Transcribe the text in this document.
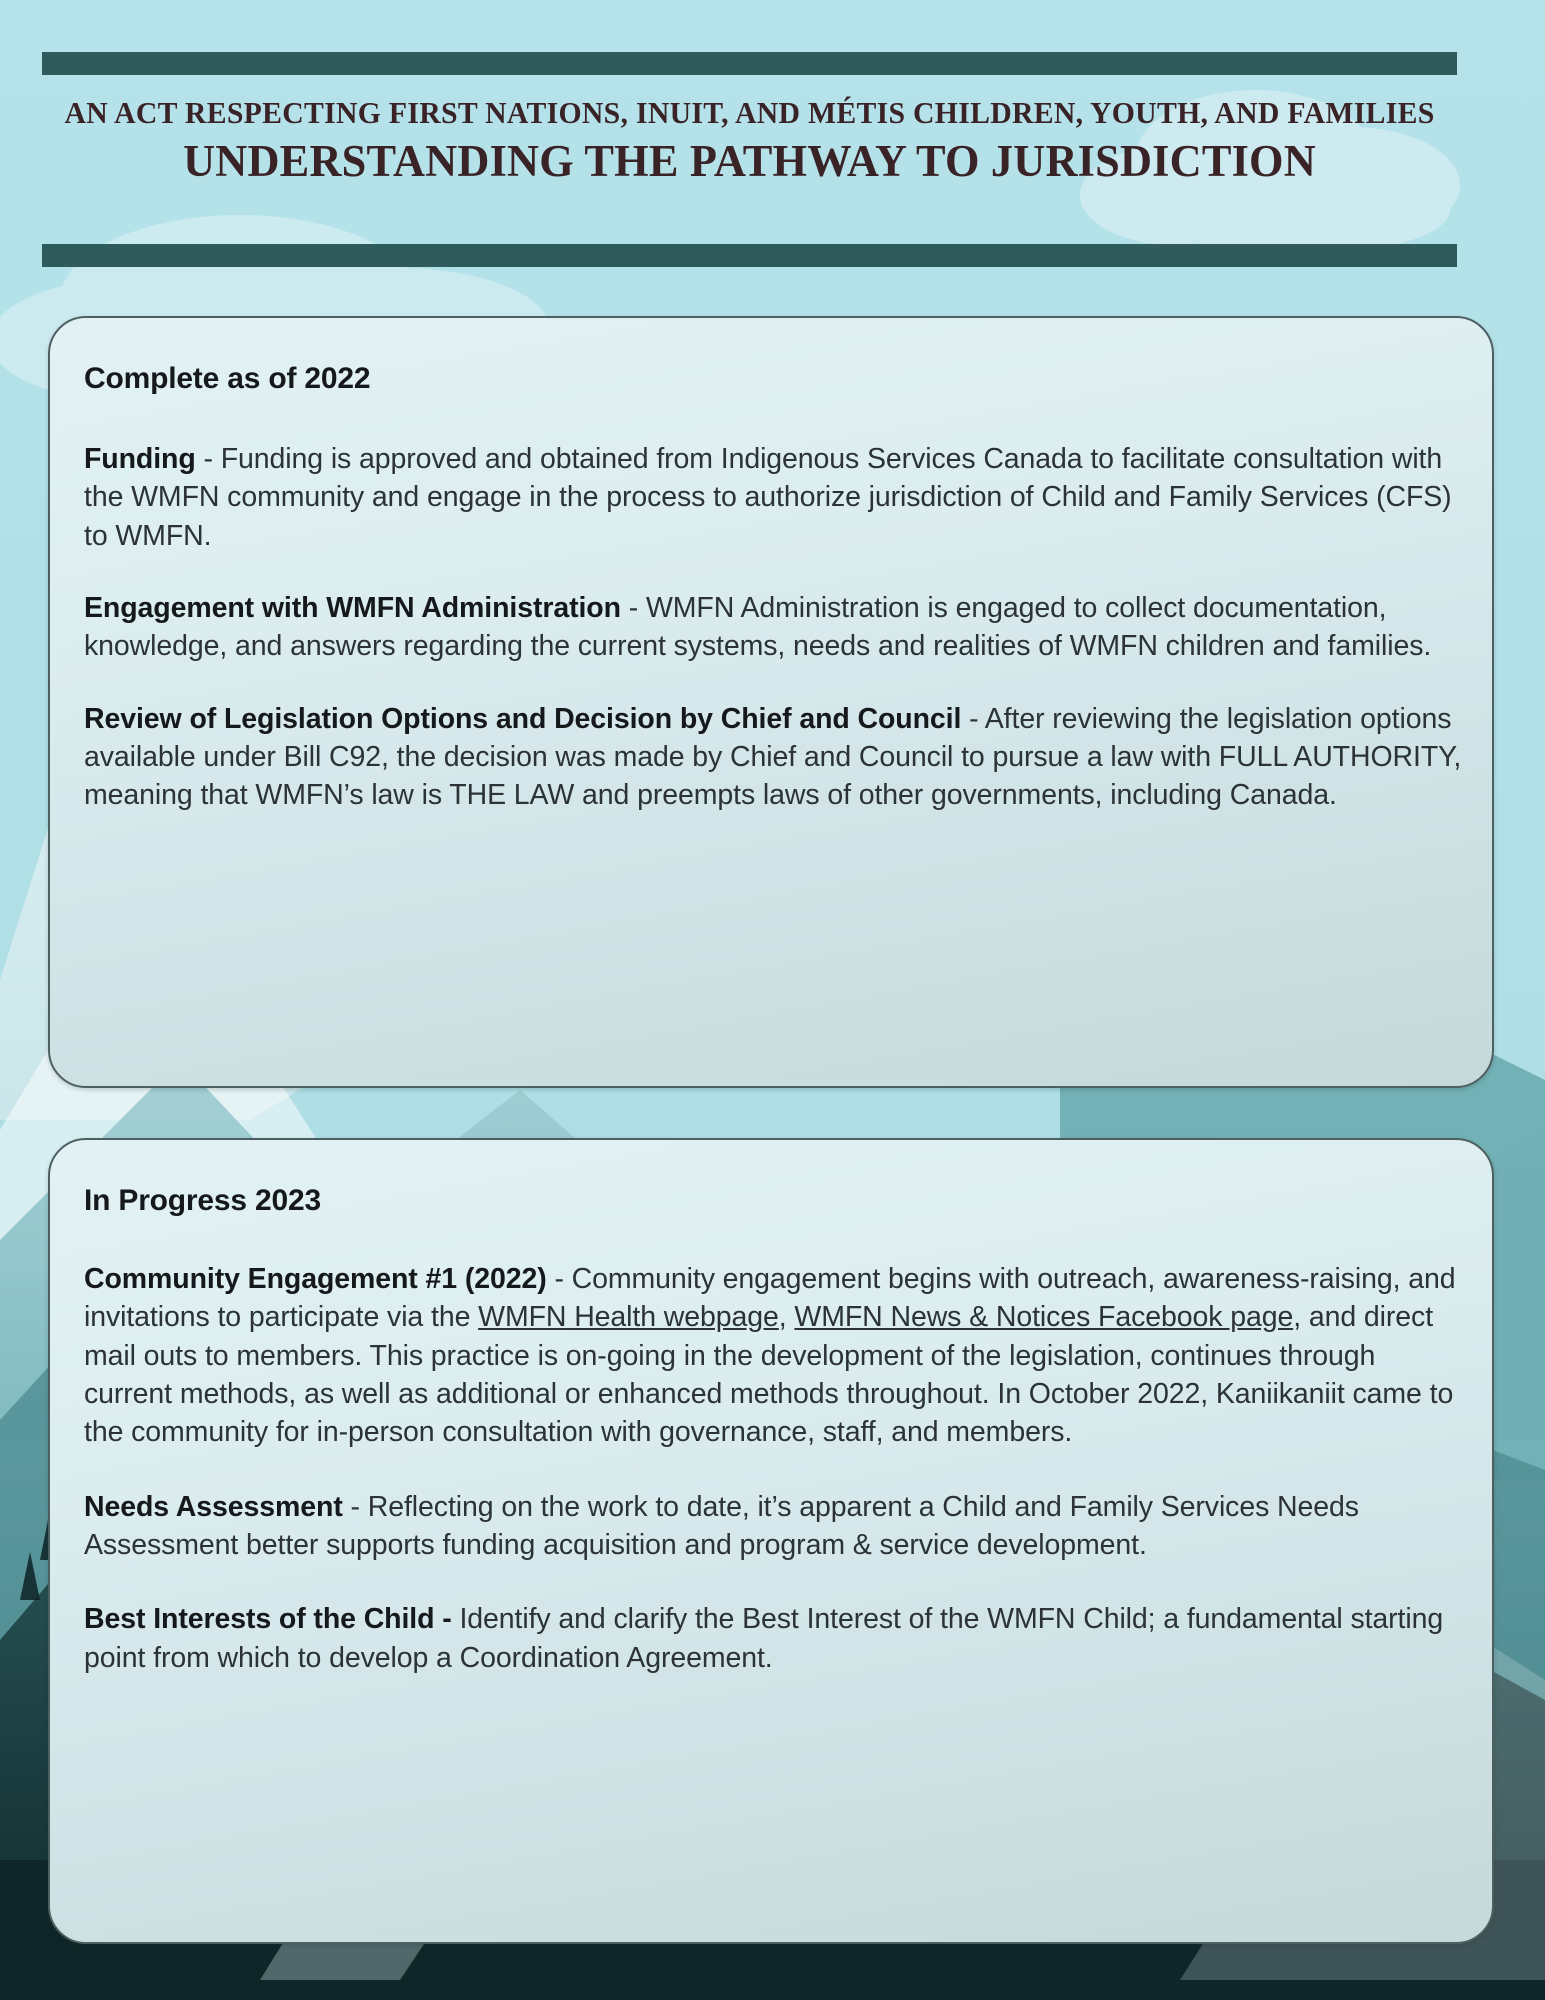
AN ACT RESPECTING FIRST NATIONS, INUIT, AND MÉTIS CHILDREN, YOUTH, AND FAMILIES
UNDERSTANDING THE PATHWAY TO JURISDICTION
Complete as of 2022

Funding - Funding is approved and obtained from Indigenous Services Canada to facilitate consultation with the WMFN community and engage in the process to authorize jurisdiction of Child and Family Services (CFS) to WMFN.

Engagement with WMFN Administration - WMFN Administration is engaged to collect documentation, knowledge, and answers regarding the current systems, needs and realities of WMFN children and families.

Review of Legislation Options and Decision by Chief and Council - After reviewing the legislation options available under Bill C92, the decision was made by Chief and Council to pursue a law with FULL AUTHORITY, meaning that WMFN’s law is THE LAW and preempts laws of other governments, including Canada.

In Progress 2023

Community Engagement #1 (2022) - Community engagement begins with outreach, awareness-raising, and invitations to participate via the WMFN Health webpage, WMFN News & Notices Facebook page, and direct mail outs to members. This practice is on-going in the development of the legislation, continues through current methods, as well as additional or enhanced methods throughout. In October 2022, Kaniikaniit came to the community for in-person consultation with governance, staff, and members.

Needs Assessment - Reflecting on the work to date, it’s apparent a Child and Family Services Needs Assessment better supports funding acquisition and program & service development.

Best Interests of the Child - Identify and clarify the Best Interest of the WMFN Child; a fundamental starting point from which to develop a Coordination Agreement.
